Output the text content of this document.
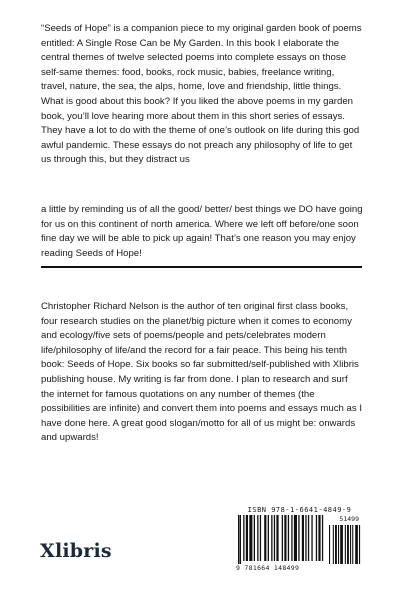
“Seeds of Hope” is a companion piece to my original garden book of poems entitled: A Single Rose Can be My Garden. In this book I elaborate the central themes of twelve selected poems into complete essays on those self-same themes: food, books, rock music, babies, freelance writing, travel, nature, the sea, the alps, home, love and friendship, little things. What is good about this book? If you liked the above poems in my garden book, you’ll love hearing more about them in this short series of essays. They have a lot to do with the theme of one’s outlook on life during this god awful pandemic. These essays do not preach any philosophy of life to get us through this, but they distract us

a little by reminding us of all the good/ better/ best things we DO have going for us on this continent of north america. Where we left off before/one soon fine day we will be able to pick up again! That’s one reason you may enjoy reading Seeds of Hope!

Christopher Richard Nelson is the author of ten original first class books, four research studies on the planet/big picture when it comes to economy and ecology/five sets of poems/people and pets/celebrates modern life/philosophy of life/and the record for a fair peace. This being his tenth book: Seeds of Hope. Six books so far submitted/self-published with Xlibris publishing house. My writing is far from done. I plan to research and surf the internet for famous quotations on any number of themes (the possibilities are infinite) and convert them into poems and essays much as I have done here. A great good slogan/motto for all of us might be: onwards and upwards!

ISBN 978-1-6641-4849-9
51499
9 781664 148499
Xlibris
